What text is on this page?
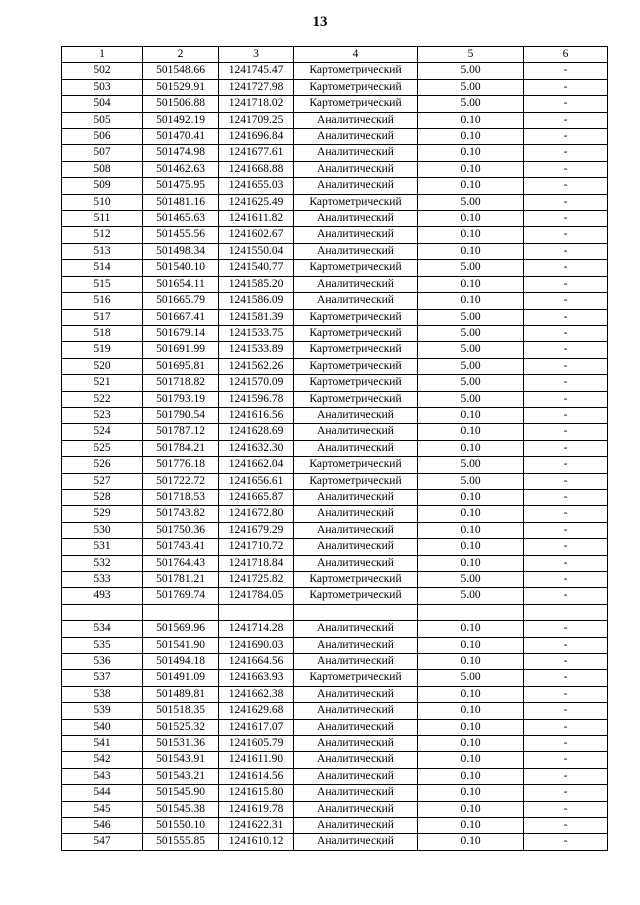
13
1	2	3	4	5	6
502	501548.66	1241745.47	Картометрический	5.00	-
503	501529.91	1241727.98	Картометрический	5.00	-
504	501506.88	1241718.02	Картометрический	5.00	-
505	501492.19	1241709.25	Аналитический	0.10	-
506	501470.41	1241696.84	Аналитический	0.10	-
507	501474.98	1241677.61	Аналитический	0.10	-
508	501462.63	1241668.88	Аналитический	0.10	-
509	501475.95	1241655.03	Аналитический	0.10	-
510	501481.16	1241625.49	Картометрический	5.00	-
511	501465.63	1241611.82	Аналитический	0.10	-
512	501455.56	1241602.67	Аналитический	0.10	-
513	501498.34	1241550.04	Аналитический	0.10	-
514	501540.10	1241540.77	Картометрический	5.00	-
515	501654.11	1241585.20	Аналитический	0.10	-
516	501665.79	1241586.09	Аналитический	0.10	-
517	501667.41	1241581.39	Картометрический	5.00	-
518	501679.14	1241533.75	Картометрический	5.00	-
519	501691.99	1241533.89	Картометрический	5.00	-
520	501695.81	1241562.26	Картометрический	5.00	-
521	501718.82	1241570.09	Картометрический	5.00	-
522	501793.19	1241596.78	Картометрический	5.00	-
523	501790.54	1241616.56	Аналитический	0.10	-
524	501787.12	1241628.69	Аналитический	0.10	-
525	501784.21	1241632.30	Аналитический	0.10	-
526	501776.18	1241662.04	Картометрический	5.00	-
527	501722.72	1241656.61	Картометрический	5.00	-
528	501718.53	1241665.87	Аналитический	0.10	-
529	501743.82	1241672.80	Аналитический	0.10	-
530	501750.36	1241679.29	Аналитический	0.10	-
531	501743.41	1241710.72	Аналитический	0.10	-
532	501764.43	1241718.84	Аналитический	0.10	-
533	501781.21	1241725.82	Картометрический	5.00	-
493	501769.74	1241784.05	Картометрический	5.00	-

534	501569.96	1241714.28	Аналитический	0.10	-
535	501541.90	1241690.03	Аналитический	0.10	-
536	501494.18	1241664.56	Аналитический	0.10	-
537	501491.09	1241663.93	Картометрический	5.00	-
538	501489.81	1241662.38	Аналитический	0.10	-
539	501518.35	1241629.68	Аналитический	0.10	-
540	501525.32	1241617.07	Аналитический	0.10	-
541	501531.36	1241605.79	Аналитический	0.10	-
542	501543.91	1241611.90	Аналитический	0.10	-
543	501543.21	1241614.56	Аналитический	0.10	-
544	501545.90	1241615.80	Аналитический	0.10	-
545	501545.38	1241619.78	Аналитический	0.10	-
546	501550.10	1241622.31	Аналитический	0.10	-
547	501555.85	1241610.12	Аналитический	0.10	-
